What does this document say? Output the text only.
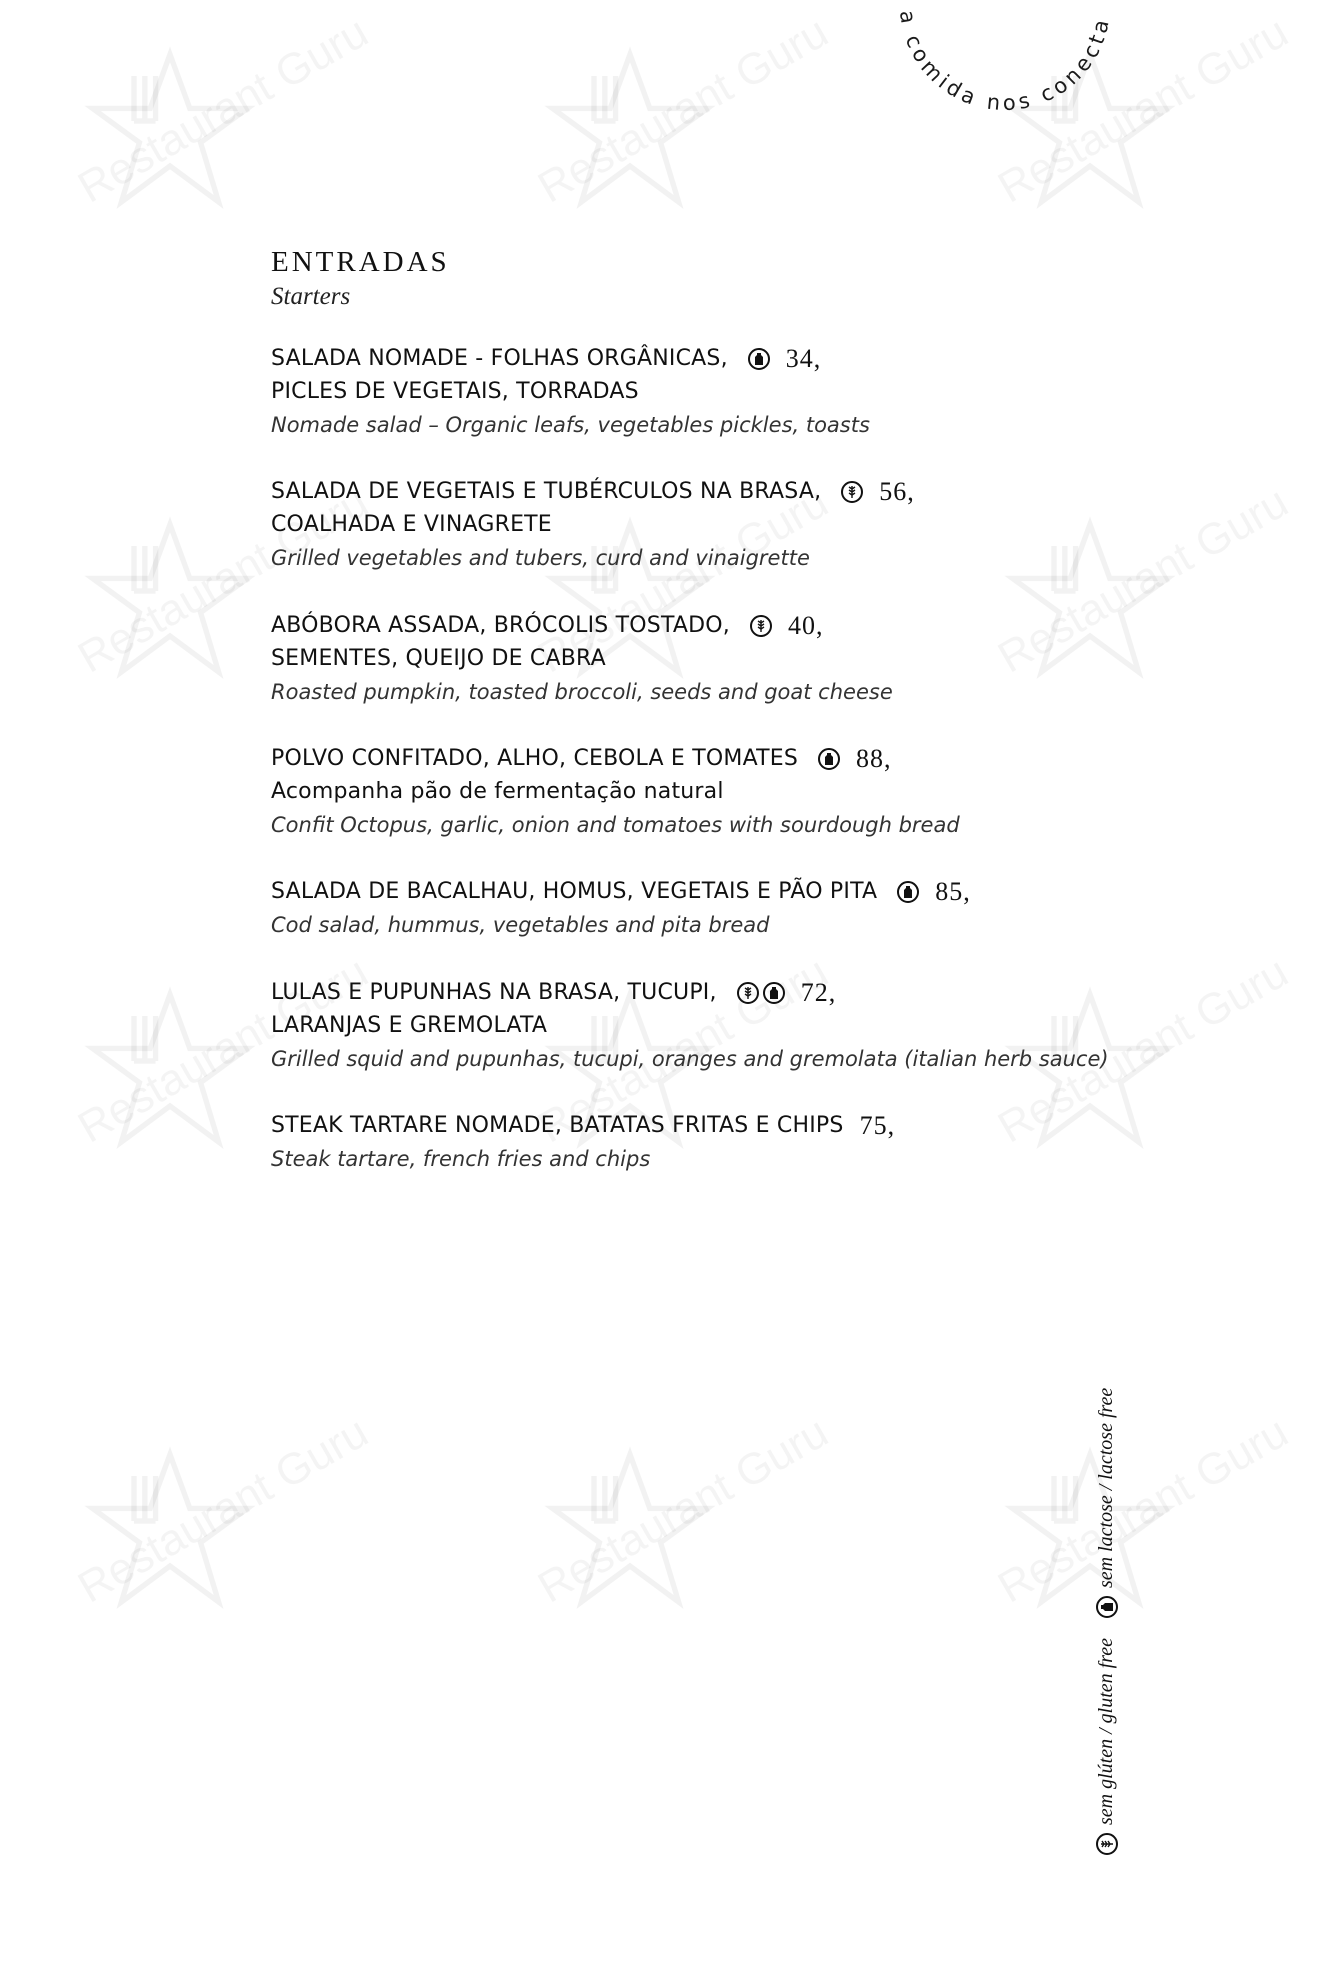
a comida nos conecta
ENTRADAS
Starters
SALADA NOMADE - FOLHAS ORGÂNICAS, 34,
PICLES DE VEGETAIS, TORRADAS
Nomade salad – Organic leafs, vegetables pickles, toasts
SALADA DE VEGETAIS E TUBÉRCULOS NA BRASA, 56,
COALHADA E VINAGRETE
Grilled vegetables and tubers, curd and vinaigrette
ABÓBORA ASSADA, BRÓCOLIS TOSTADO, 40,
SEMENTES, QUEIJO DE CABRA
Roasted pumpkin, toasted broccoli, seeds and goat cheese
POLVO CONFITADO, ALHO, CEBOLA E TOMATES 88,
Acompanha pão de fermentação natural
Confit Octopus, garlic, onion and tomatoes with sourdough bread
SALADA DE BACALHAU, HOMUS, VEGETAIS E PÃO PITA 85,
Cod salad, hummus, vegetables and pita bread
LULAS E PUPUNHAS NA BRASA, TUCUPI,	72,
LARANJAS E GREMOLATA
Grilled squid and pupunhas, tucupi, oranges and gremolata (italian herb sauce)
STEAK TARTARE NOMADE, BATATAS FRITAS E CHIPS 75,
Steak tartare, french fries and chips
sem glúten / gluten free
sem lactose / lactose free
